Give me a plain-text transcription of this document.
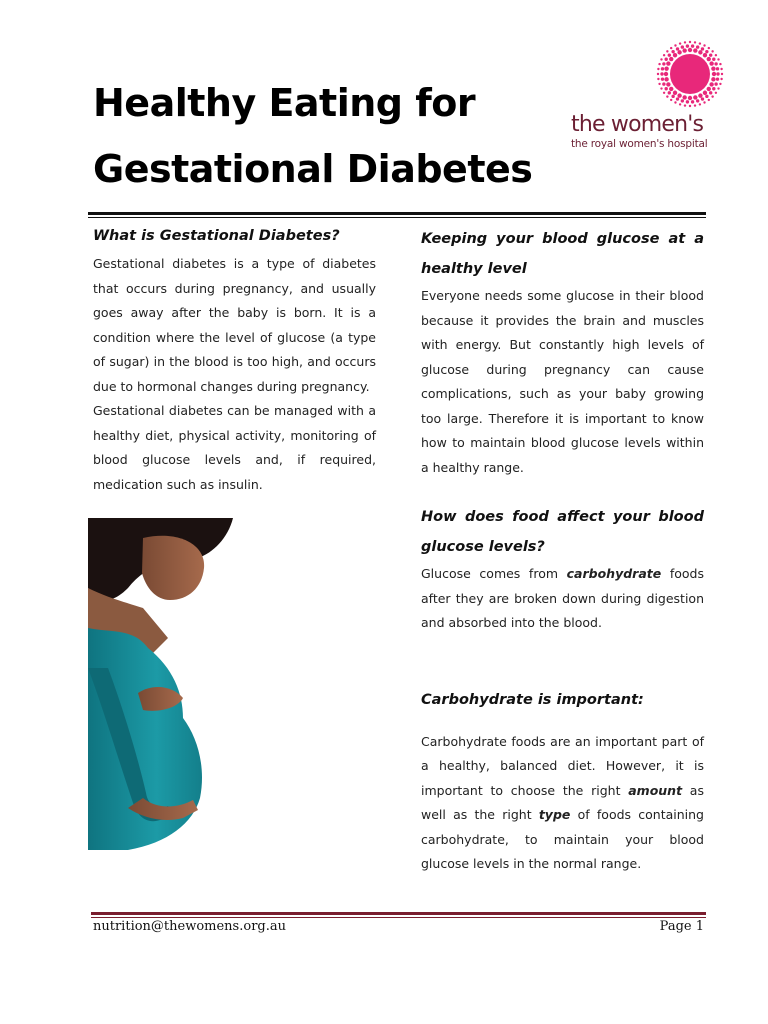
Healthy Eating for
Gestational Diabetes
the women's
the royal women's hospital
What is Gestational Diabetes?

Gestational diabetes is a type of diabetes that occurs during pregnancy, and usually goes away after the baby is born. It is a condition where the level of glucose (a type of sugar) in the blood is too high, and occurs due to hormonal changes during pregnancy.

Gestational diabetes can be managed with a healthy diet, physical activity, monitoring of blood glucose levels and, if required, medication such as insulin.

Keeping your blood glucose at a healthy level

Everyone needs some glucose in their blood because it provides the brain and muscles with energy. But constantly high levels of glucose during pregnancy can cause complications, such as your baby growing too large. Therefore it is important to know how to maintain blood glucose levels within a healthy range.

How does food affect your blood glucose levels?

Glucose comes from carbohydrate foods after they are broken down during digestion and absorbed into the blood.

Carbohydrate is important:

Carbohydrate foods are an important part of a healthy, balanced diet. However, it is important to choose the right amount as well as the right type of foods containing carbohydrate, to maintain your blood glucose levels in the normal range.

nutrition@thewomens.org.au	Page 1
